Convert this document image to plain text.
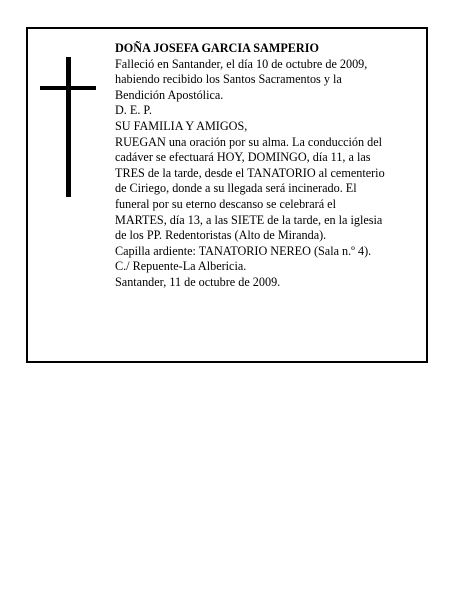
DOÑA JOSEFA GARCIA SAMPERIO
Falleció en Santander, el día 10 de octubre de 2009,
habiendo recibido los Santos Sacramentos y la
Bendición Apostólica.
D. E. P.
SU FAMILIA Y AMIGOS,
RUEGAN una oración por su alma. La conducción del
cadáver se efectuará HOY, DOMINGO, día 11, a las
TRES de la tarde, desde el TANATORIO al cementerio
de Ciriego, donde a su llegada será incinerado. El
funeral por su eterno descanso se celebrará el
MARTES, día 13, a las SIETE de la tarde, en la iglesia
de los PP. Redentoristas (Alto de Miranda).
Capilla ardiente: TANATORIO NEREO (Sala n.º 4).
C./ Repuente-La Albericia.
Santander, 11 de octubre de 2009.
